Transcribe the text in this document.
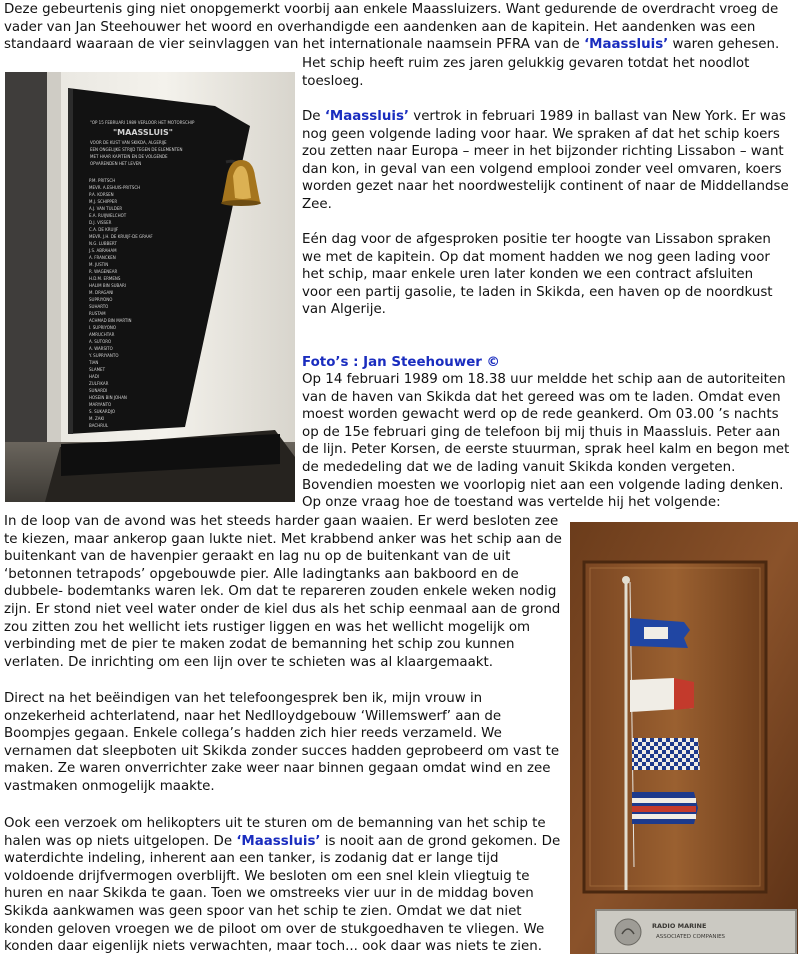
Deze gebeurtenis ging niet onopgemerkt voorbij aan enkele Maassluizers. Want gedurende de overdracht vroeg de vader van Jan Steehouwer het woord en overhandigde een aandenken aan de kapitein. Het aandenken was een standaard waaraan de vier seinvlaggen van het internationale naamsein PFRA van de ‘Maassluis’ waren gehesen.

"OP 15 FEBRUARI 1989 VERLOOR HET MOTORSCHIP
"MAASSLUIS"
VOOR DE KUST VAN SKIKDA, ALGERIJE
EEN ONGELIJKE STRIJD TEGEN DE ELEMENTEN
MET HAAR KAPITEIN EN DE VOLGENDE
OPVARENDEN HET LEVEN
P.M. PRITSCH
MEVR. A.ESHUIS-PRITSCH
P.A. KORSEN
M.J. SCHIPPER
A.J. VAN TULDER
E.A. RUIJWELCHOT
D.J. VISSER
C.A. DE KRUIJF
MEVR. J.H. DE KRUIJF-DE GRAAF
N.G. LUBBERT
J.S. ABRAHAM
A. FRANCKEN
M. JUSTIN
R. WAGENEAR
H.D.M. ERMENS
HALIM BIN SUBARI
M. DRAGANI
SUPRIYONO
SUHARTO
RUSTAM
ACHMAD BIN MARTIN
I. SUPRIYONO
AMRUCHTAR
A. SUTORO
A. WARSITO
Y. SUPRIYANTO
TIAN
SLAMET
HADI
ZULFIKAR
SUNARDI
HOSEIN BIN JOHAN
MARYANTO
S. SUKARDJO
M. ZAKI
BACHRUL

Het schip heeft ruim zes jaren gelukkig gevaren totdat het noodlot toesloeg.

De ‘Maassluis’ vertrok in februari 1989 in ballast van New York. Er was nog geen volgende lading voor haar. We spraken af dat het schip koers zou zetten naar Europa – meer in het bijzonder richting Lissabon – want dan kon, in geval van een volgend emplooi zonder veel omvaren, koers worden gezet naar het noordwestelijk continent of naar de Middellandse Zee.

Eén dag voor de afgesproken positie ter hoogte van Lissabon spraken we met de kapitein. Op dat moment hadden we nog geen lading voor het schip, maar enkele uren later konden we een contract afsluiten voor een partij gasolie, te laden in Skikda, een haven op de noordkust van Algerije.

Foto’s : Jan Steehouwer ©

Op 14 februari 1989 om 18.38 uur meldde het schip aan de autoriteiten van de haven van Skikda dat het gereed was om te laden. Omdat even moest worden gewacht werd op de rede geankerd. Om 03.00 ’s nachts op de 15e februari ging de telefoon bij mij thuis in Maassluis. Peter aan de lijn. Peter Korsen, de eerste stuurman, sprak heel kalm en begon met de mededeling dat we de lading vanuit Skikda konden vergeten. Bovendien moesten we voorlopig niet aan een volgende lading denken. Op onze vraag hoe de toestand was vertelde hij het volgende:

In de loop van de avond was het steeds harder gaan waaien. Er werd besloten zee te kiezen, maar ankerop gaan lukte niet. Met krabbend anker was het schip aan de buitenkant van de havenpier geraakt en lag nu op de buitenkant van de uit ‘betonnen tetrapods’ opgebouwde pier. Alle ladingtanks aan bakboord en de dubbele- bodemtanks waren lek. Om dat te repareren zouden enkele weken nodig zijn. Er stond niet veel water onder de kiel dus als het schip eenmaal aan de grond zou zitten zou het wellicht iets rustiger liggen en was het wellicht mogelijk om verbinding met de pier te maken zodat de bemanning het schip zou kunnen verlaten. De inrichting om een lijn over te schieten was al klaargemaakt.

Direct na het beëindigen van het telefoongesprek ben ik, mijn vrouw in onzekerheid achterlatend, naar het Nedlloydgebouw ‘Willemswerf’ aan de Boompjes gegaan. Enkele collega’s hadden zich hier reeds verzameld. We vernamen dat sleepboten uit Skikda zonder succes hadden geprobeerd om vast te maken. Ze waren onverrichter zake weer naar binnen gegaan omdat wind en zee vastmaken onmogelijk maakte.

Ook een verzoek om helikopters uit te sturen om de bemanning van het schip te halen was op niets uitgelopen. De ‘Maassluis’ is nooit aan de grond gekomen. De waterdichte indeling, inherent aan een tanker, is zodanig dat er lange tijd voldoende drijfvermogen overblijft. We besloten om een snel klein vliegtuig te huren en naar Skikda te gaan. Toen we omstreeks vier uur in de middag boven Skikda aankwamen was geen spoor van het schip te zien. Omdat we dat niet konden geloven vroegen we de piloot om over de stukgoedhaven te vliegen. We konden daar eigenlijk niets verwachten, maar toch... ook daar was niets te zien.

RADIO MARINE
ASSOCIATED COMPANIES
